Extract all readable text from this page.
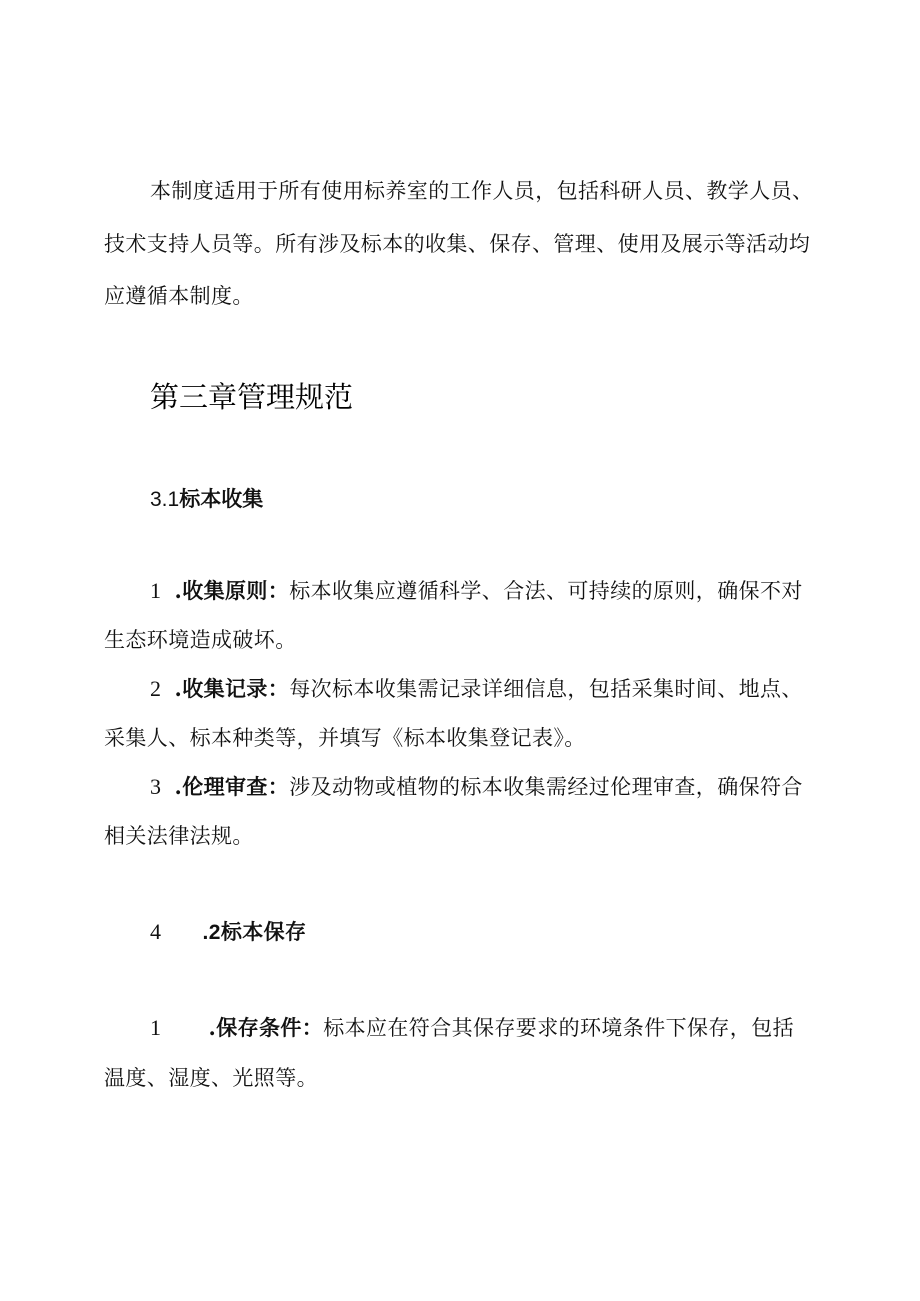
本制度适用于所有使用标养室的工作人员，包括科研人员、教学人员、
技术支持人员等。所有涉及标本的收集、保存、管理、使用及展示等活动均
应遵循本制度。
第三章管理规范
3.1标本收集
1 .收集原则：标本收集应遵循科学、合法、可持续的原则，确保不对
生态环境造成破坏。
2 .收集记录：每次标本收集需记录详细信息，包括采集时间、地点、
采集人、标本种类等，并填写《标本收集登记表》。
3 .伦理审查：涉及动物或植物的标本收集需经过伦理审查，确保符合
相关法律法规。
4 .2标本保存
1 .保存条件：标本应在符合其保存要求的环境条件下保存，包括
温度、湿度、光照等。
